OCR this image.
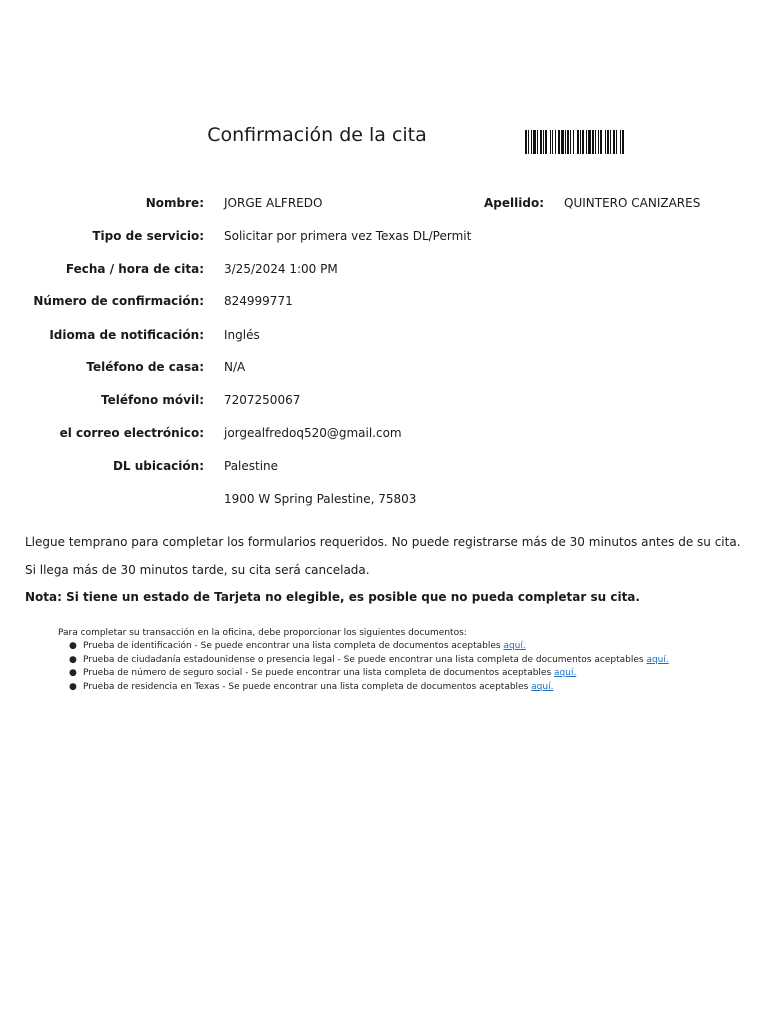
Confirmación de la cita
Nombre: JORGE ALFREDO	Apellido: QUINTERO CANIZARES
Tipo de servicio: Solicitar por primera vez Texas DL/Permit
Fecha / hora de cita: 3/25/2024 1:00 PM
Número de confirmación: 824999771
Idioma de notificación: Inglés
Teléfono de casa: N/A
Teléfono móvil: 7207250067
el correo electrónico: jorgealfredoq520@gmail.com
DL ubicación: Palestine
1900 W Spring Palestine, 75803
Llegue temprano para completar los formularios requeridos. No puede registrarse más de 30 minutos antes de su cita.
Si llega más de 30 minutos tarde, su cita será cancelada.
Nota: Si tiene un estado de Tarjeta no elegible, es posible que no pueda completar su cita.
Para completar su transacción en la oficina, debe proporcionar los siguientes documentos:
● Prueba de identificación - Se puede encontrar una lista completa de documentos aceptables aquí.
● Prueba de ciudadanía estadounidense o presencia legal - Se puede encontrar una lista completa de documentos aceptables aquí.
● Prueba de número de seguro social - Se puede encontrar una lista completa de documentos aceptables aquí.
● Prueba de residencia en Texas - Se puede encontrar una lista completa de documentos aceptables aquí.
